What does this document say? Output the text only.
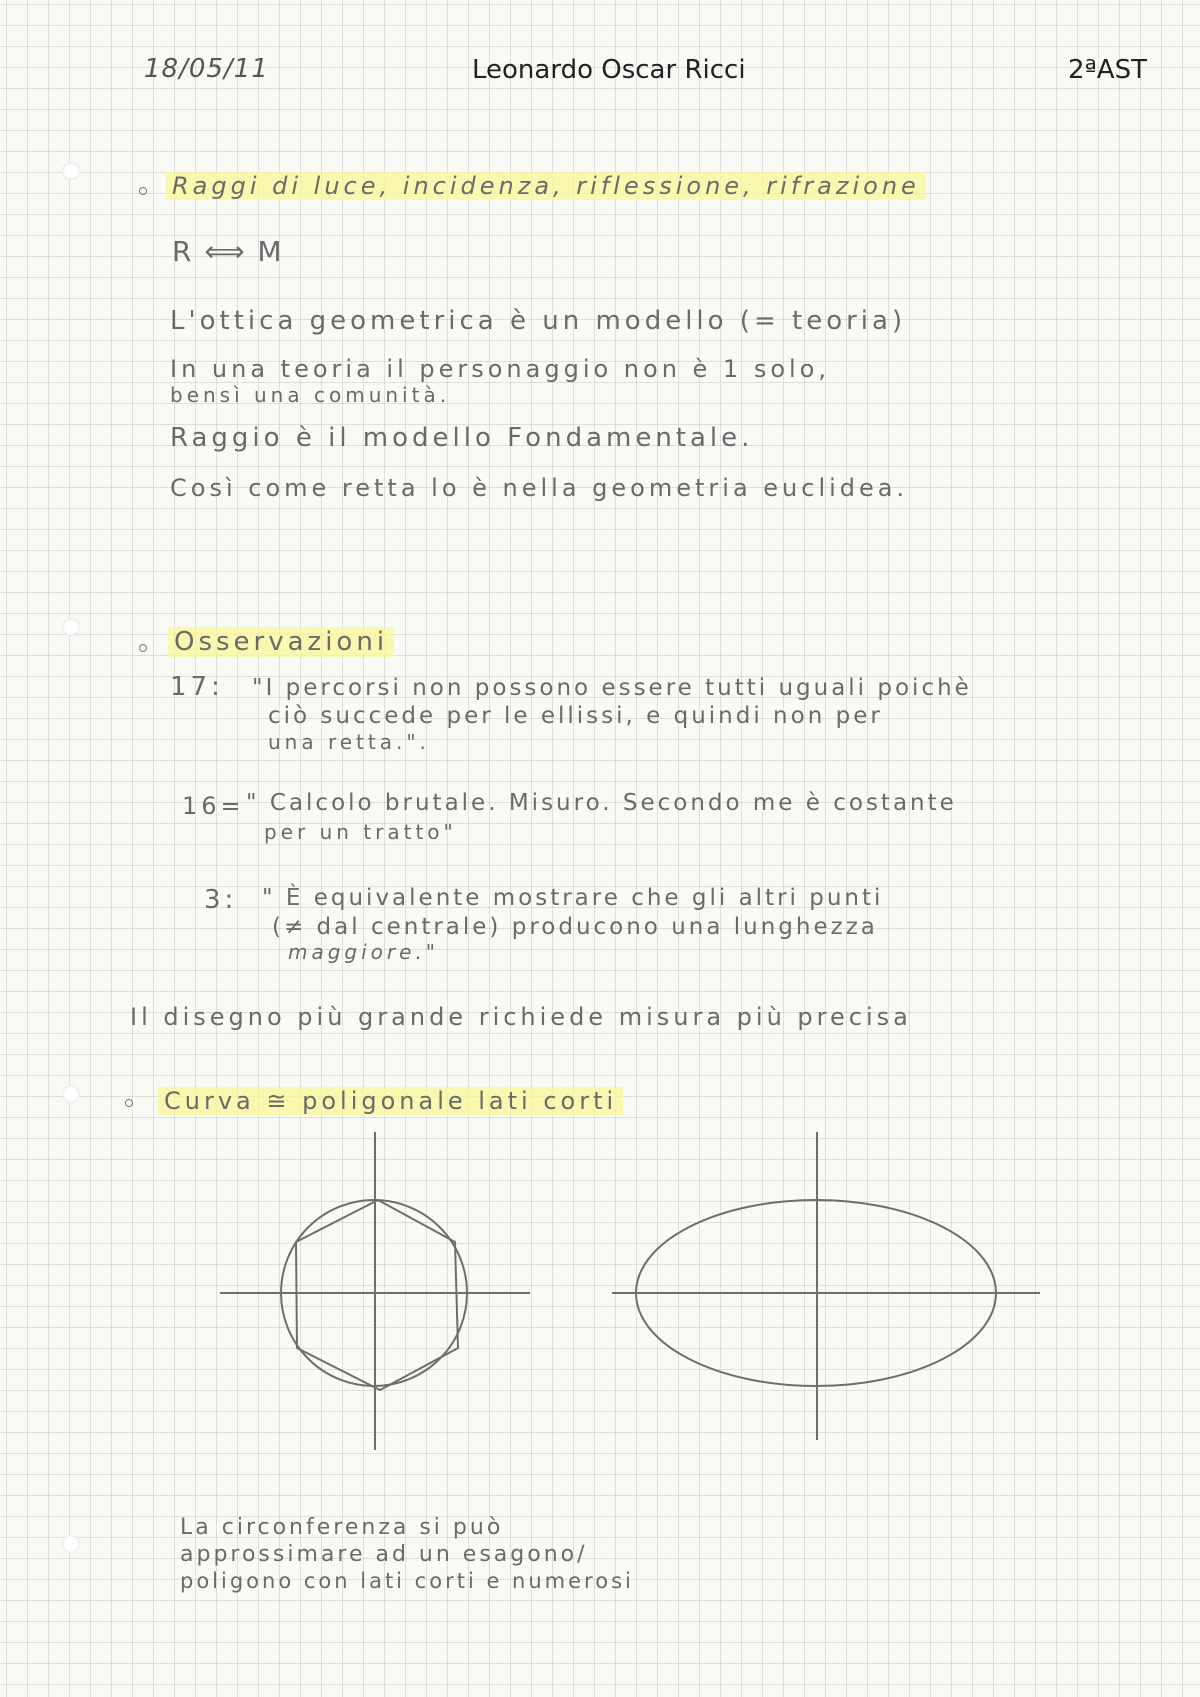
18/05/11	Leonardo Oscar Ricci	2ªAST
Raggi di luce, incidenza, riflessione, rifrazione
R ⟺ M
L'ottica geometrica è un modello (= teoria)
In una teoria il personaggio non è 1 solo,
bensì una comunità.
Raggio è il modello Fondamentale.
Così come retta lo è nella geometria euclidea.
Osservazioni
17: "I percorsi non possono essere tutti uguali poichè
ciò succede per le ellissi, e quindi non per
una retta.".
16= " Calcolo brutale. Misuro. Secondo me è costante
per un tratto"
3: " È equivalente mostrare che gli altri punti
(≠ dal centrale) producono una lunghezza
maggiore."
Il disegno più grande richiede misura più precisa
Curva ≅ poligonale lati corti
La circonferenza si può
approssimare ad un esagono/
poligono con lati corti e numerosi
